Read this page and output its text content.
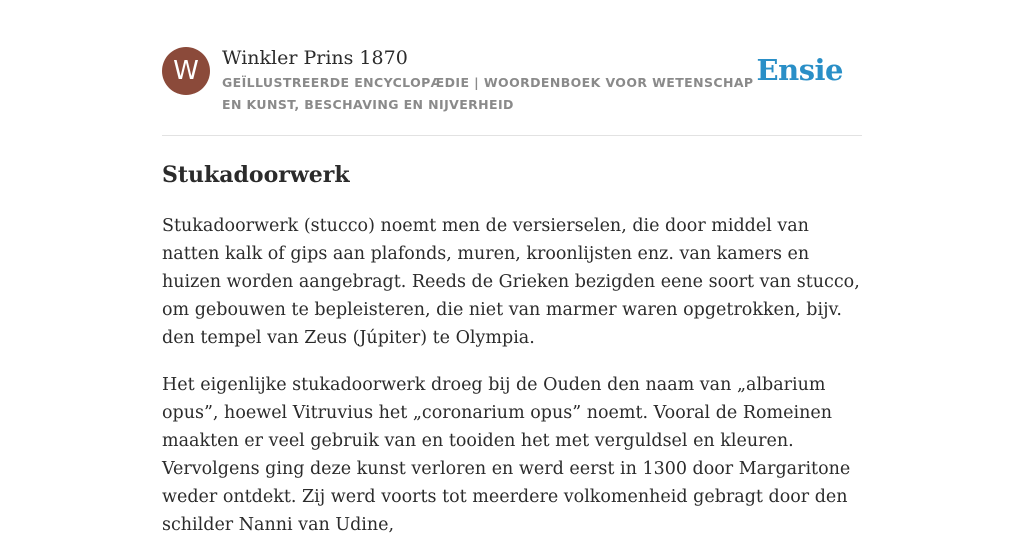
W	Winkler Prins 1870
GEÏLLUSTREERDE ENCYCLOPÆDIE | WOORDENBOEK VOOR WETENSCHAP EN KUNST, BESCHAVING EN NIJVERHEID
Ensie
Stukadoorwerk

Stukadoorwerk (stucco) noemt men de versierselen, die door middel van natten kalk of gips aan plafonds, muren, kroonlijsten enz. van kamers en huizen worden aangebragt. Reeds de Grieken bezigden eene soort van stucco, om gebouwen te bepleisteren, die niet van marmer waren opgetrokken, bijv. den tempel van Zeus (Júpiter) te Olympia.

Het eigenlijke stukadoorwerk droeg bij de Ouden den naam van „albarium opus”, hoewel Vitruvius het „coronarium opus” noemt. Vooral de Romeinen maakten er veel gebruik van en tooiden het met verguldsel en kleuren. Vervolgens ging deze kunst verloren en werd eerst in 1300 door Margaritone weder ontdekt. Zij werd voorts tot meerdere volkomenheid gebragt door den schilder Nanni van Udine,
